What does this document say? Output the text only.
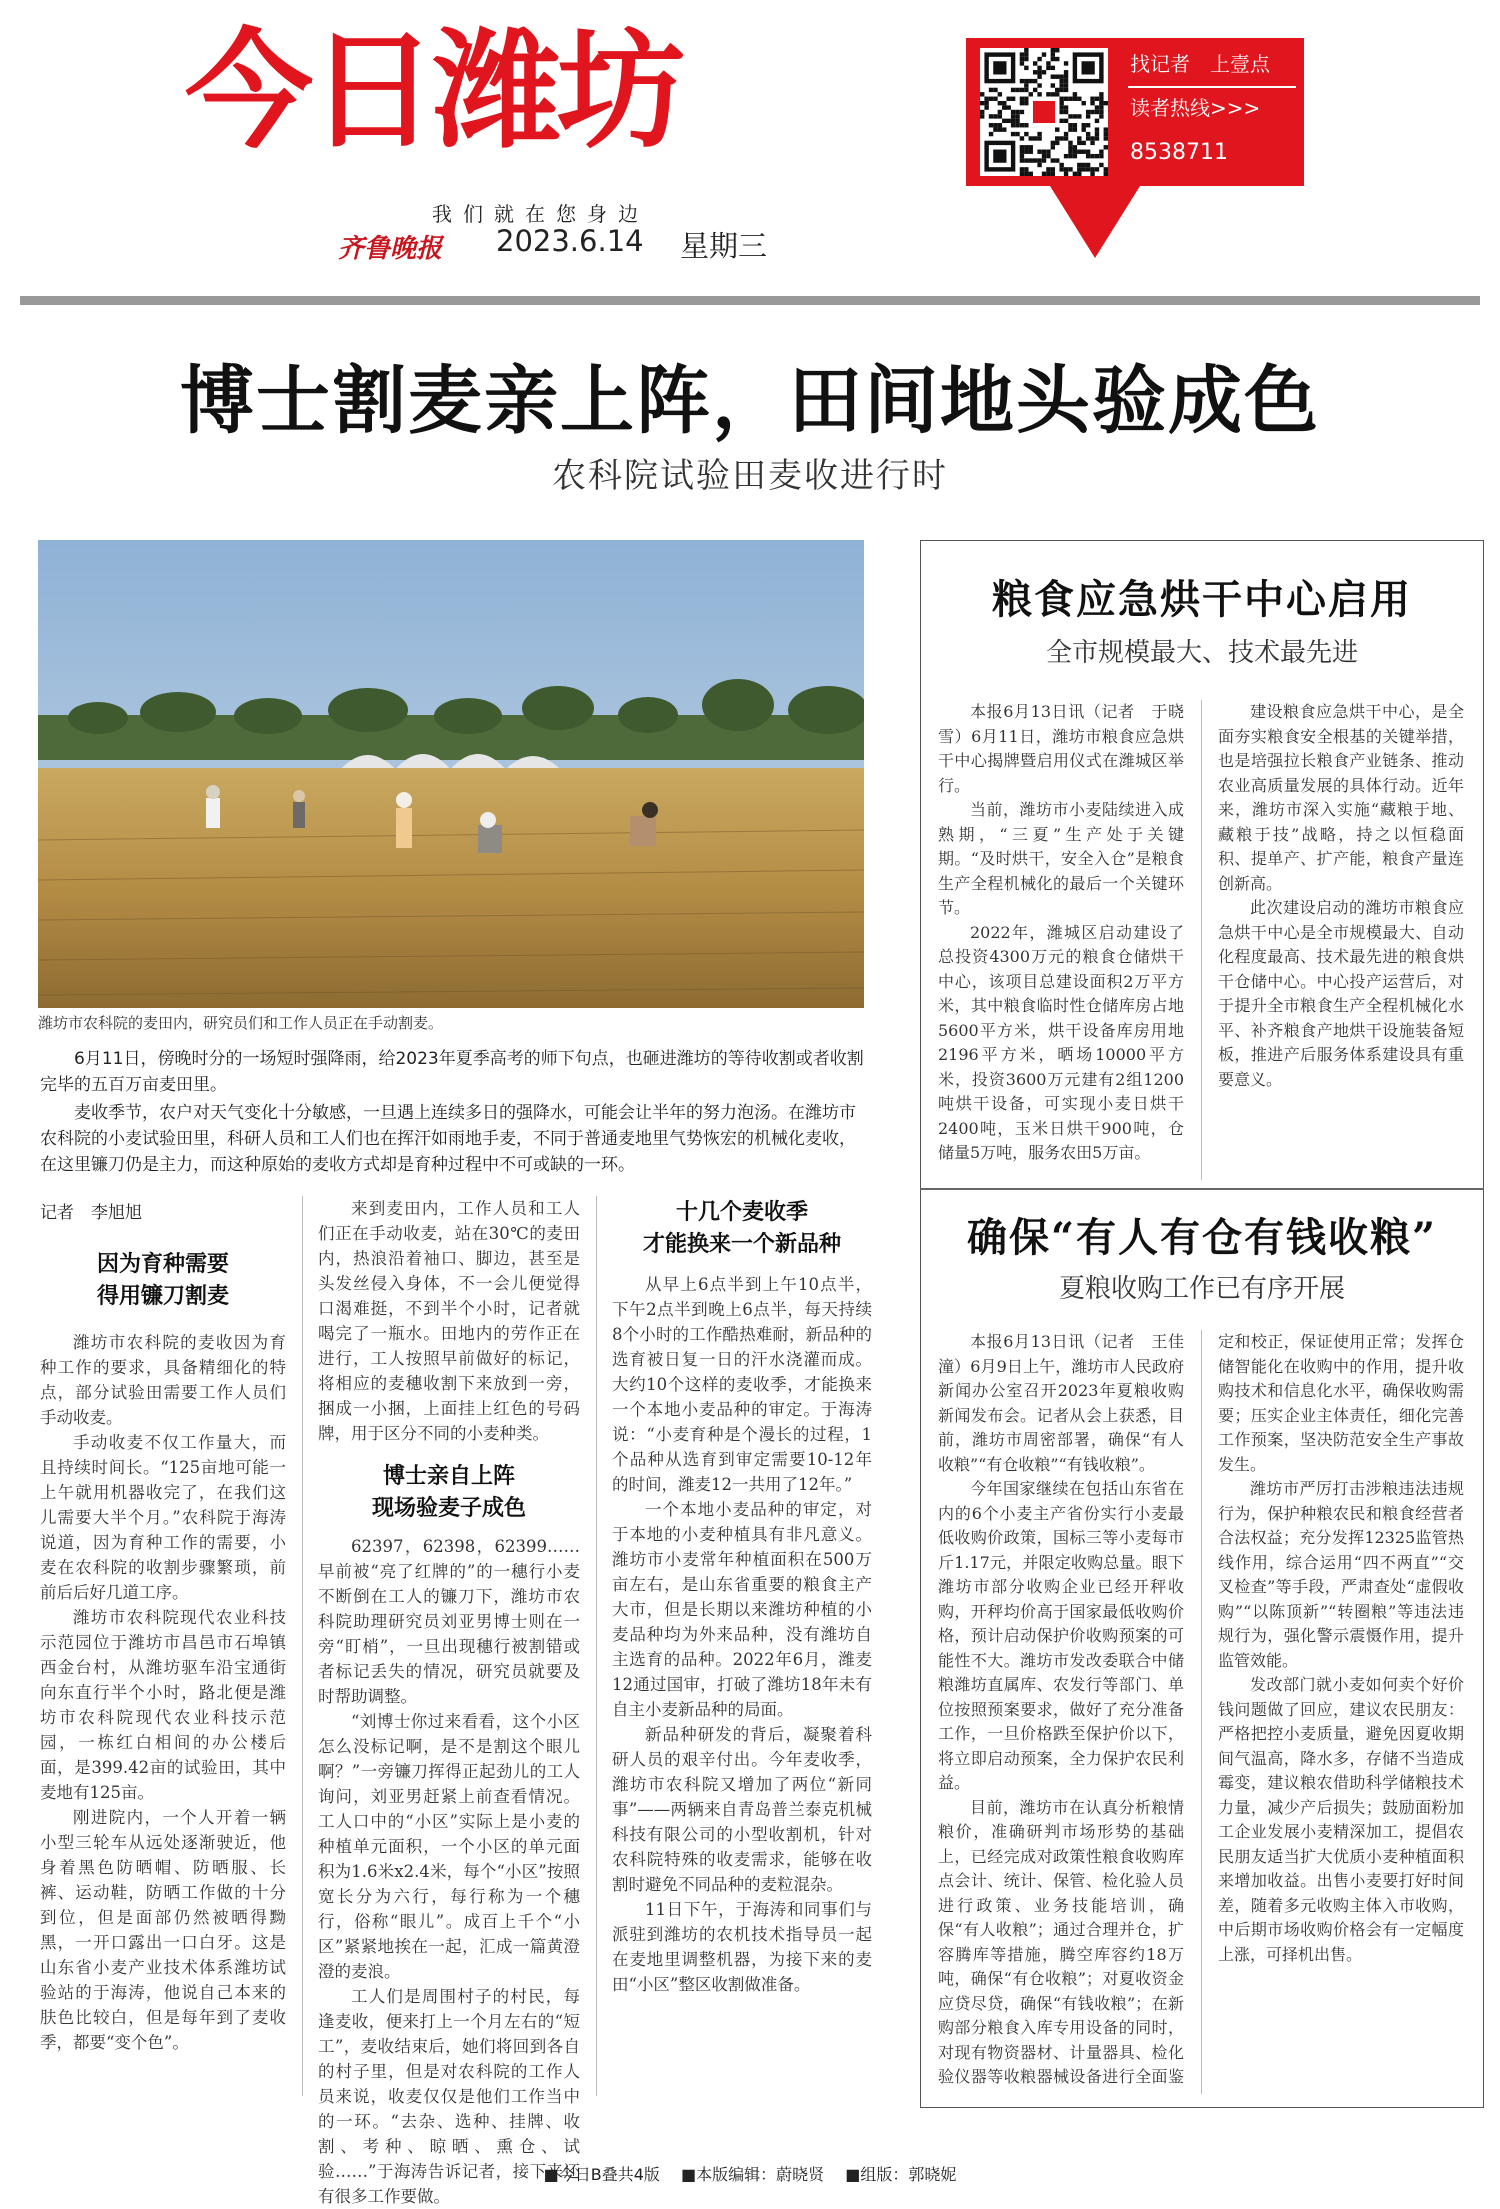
今日潍坊
我们就在您身边
齐鲁晚报 2023.6.14 星期三
找记者　上壹点
读者热线>>>
8538711
博士割麦亲上阵，田间地头验成色
农科院试验田麦收进行时
潍坊市农科院的麦田内，研究员们和工作人员正在手动割麦。
6月11日，傍晚时分的一场短时强降雨，给2023年夏季高考的师下句点，也砸进潍坊的等待收割或者收割完毕的五百万亩麦田里。
麦收季节，农户对天气变化十分敏感，一旦遇上连续多日的强降水，可能会让半年的努力泡汤。在潍坊市农科院的小麦试验田里，科研人员和工人们也在挥汗如雨地手麦，不同于普通麦地里气势恢宏的机械化麦收，在这里镰刀仍是主力，而这种原始的麦收方式却是育种过程中不可或缺的一环。
记者　李旭旭
因为育种需要
得用镰刀割麦

潍坊市农科院的麦收因为育种工作的要求，具备精细化的特点，部分试验田需要工作人员们手动收麦。

手动收麦不仅工作量大，而且持续时间长。“125亩地可能一上午就用机器收完了，在我们这儿需要大半个月。”农科院于海涛说道，因为育种工作的需要，小麦在农科院的收割步骤繁琐，前前后后好几道工序。

潍坊市农科院现代农业科技示范园位于潍坊市昌邑市石埠镇西金台村，从潍坊驱车沿宝通街向东直行半个小时，路北便是潍坊市农科院现代农业科技示范园，一栋红白相间的办公楼后面，是399.42亩的试验田，其中麦地有125亩。

刚进院内，一个人开着一辆小型三轮车从远处逐渐驶近，他身着黑色防晒帽、防晒服、长裤、运动鞋，防晒工作做的十分到位，但是面部仍然被晒得黝黑，一开口露出一口白牙。这是山东省小麦产业技术体系潍坊试验站的于海涛，他说自己本来的肤色比较白，但是每年到了麦收季，都要“变个色”。

来到麦田内，工作人员和工人们正在手动收麦，站在30℃的麦田内，热浪沿着袖口、脚边，甚至是头发丝侵入身体，不一会儿便觉得口渴难挺，不到半个小时，记者就喝完了一瓶水。田地内的劳作正在进行，工人按照早前做好的标记，将相应的麦穗收割下来放到一旁，捆成一小捆，上面挂上红色的号码牌，用于区分不同的小麦种类。

博士亲自上阵
现场验麦子成色

62397，62398，62399……早前被“亮了红牌的”的一穗行小麦不断倒在工人的镰刀下，潍坊市农科院助理研究员刘亚男博士则在一旁“盯梢”，一旦出现穗行被割错或者标记丢失的情况，研究员就要及时帮助调整。

“刘博士你过来看看，这个小区怎么没标记啊，是不是割这个眼儿啊？”一旁镰刀挥得正起劲儿的工人询问，刘亚男赶紧上前查看情况。工人口中的“小区”实际上是小麦的种植单元面积，一个小区的单元面积为1.6米x2.4米，每个“小区”按照宽长分为六行，每行称为一个穗行，俗称“眼儿”。成百上千个“小区”紧紧地挨在一起，汇成一篇黄澄澄的麦浪。

工人们是周围村子的村民，每逢麦收，便来打上一个月左右的“短工”，麦收结束后，她们将回到各自的村子里，但是对农科院的工作人员来说，收麦仅仅是他们工作当中的一环。“去杂、选种、挂牌、收割、考种、晾晒、熏仓、试验……”于海涛告诉记者，接下来还有很多工作要做。

十几个麦收季
才能换来一个新品种

从早上6点半到上午10点半，下午2点半到晚上6点半，每天持续8个小时的工作酷热难耐，新品种的选育被日复一日的汗水浇灌而成。大约10个这样的麦收季，才能换来一个本地小麦品种的审定。于海涛说：“小麦育种是个漫长的过程，1个品种从选育到审定需要10-12年的时间，潍麦12一共用了12年。”

一个本地小麦品种的审定，对于本地的小麦种植具有非凡意义。潍坊市小麦常年种植面积在500万亩左右，是山东省重要的粮食主产大市，但是长期以来潍坊种植的小麦品种均为外来品种，没有潍坊自主选育的品种。2022年6月，潍麦12通过国审，打破了潍坊18年未有自主小麦新品种的局面。

新品种研发的背后，凝聚着科研人员的艰辛付出。今年麦收季，潍坊市农科院又增加了两位“新同事”——两辆来自青岛普兰泰克机械科技有限公司的小型收割机，针对农科院特殊的收麦需求，能够在收割时避免不同品种的麦粒混杂。

11日下午，于海涛和同事们与派驻到潍坊的农机技术指导员一起在麦地里调整机器，为接下来的麦田“小区”整区收割做准备。

粮食应急烘干中心启用
全市规模最大、技术最先进

本报6月13日讯（记者　于晓雪）6月11日，潍坊市粮食应急烘干中心揭牌暨启用仪式在潍城区举行。

当前，潍坊市小麦陆续进入成熟期，“三夏”生产处于关键期。“及时烘干，安全入仓”是粮食生产全程机械化的最后一个关键环节。

2022年，潍城区启动建设了总投资4300万元的粮食仓储烘干中心，该项目总建设面积2万平方米，其中粮食临时性仓储库房占地5600平方米，烘干设备库房用地2196平方米，晒场10000平方米，投资3600万元建有2组1200吨烘干设备，可实现小麦日烘干2400吨，玉米日烘干900吨，仓储量5万吨，服务农田5万亩。

建设粮食应急烘干中心，是全面夯实粮食安全根基的关键举措，也是培强拉长粮食产业链条、推动农业高质量发展的具体行动。近年来，潍坊市深入实施“藏粮于地、藏粮于技”战略，持之以恒稳面积、提单产、扩产能，粮食产量连创新高。

此次建设启动的潍坊市粮食应急烘干中心是全市规模最大、自动化程度最高、技术最先进的粮食烘干仓储中心。中心投产运营后，对于提升全市粮食生产全程机械化水平、补齐粮食产地烘干设施装备短板，推进产后服务体系建设具有重要意义。

确保“有人有仓有钱收粮”
夏粮收购工作已有序开展

本报6月13日讯（记者　王佳潼）6月9日上午，潍坊市人民政府新闻办公室召开2023年夏粮收购新闻发布会。记者从会上获悉，目前，潍坊市周密部署，确保“有人收粮”“有仓收粮”“有钱收粮”。

今年国家继续在包括山东省在内的6个小麦主产省份实行小麦最低收购价政策，国标三等小麦每市斤1.17元，并限定收购总量。眼下潍坊市部分收购企业已经开秤收购，开秤均价高于国家最低收购价格，预计启动保护价收购预案的可能性不大。潍坊市发改委联合中储粮潍坊直属库、农发行等部门、单位按照预案要求，做好了充分准备工作，一旦价格跌至保护价以下，将立即启动预案，全力保护农民利益。

目前，潍坊市在认真分析粮情粮价，准确研判市场形势的基础上，已经完成对政策性粮食收购库点会计、统计、保管、检化验人员进行政策、业务技能培训，确保“有人收粮”；通过合理并仓，扩容腾库等措施，腾空库容约18万吨，确保“有仓收粮”；对夏收资金应贷尽贷，确保“有钱收粮”；在新购部分粮食入库专用设备的同时，对现有物资器材、计量器具、检化验仪器等收粮器械设备进行全面鉴定和校正，保证使用正常；发挥仓储智能化在收购中的作用，提升收购技术和信息化水平，确保收购需要；压实企业主体责任，细化完善工作预案，坚决防范安全生产事故发生。

潍坊市严厉打击涉粮违法违规行为，保护种粮农民和粮食经营者合法权益；充分发挥12325监管热线作用，综合运用“四不两直”“交叉检查”等手段，严肃查处“虚假收购”“以陈顶新”“转圈粮”等违法违规行为，强化警示震慑作用，提升监管效能。

发改部门就小麦如何卖个好价钱问题做了回应，建议农民朋友：严格把控小麦质量，避免因夏收期间气温高，降水多，存储不当造成霉变，建议粮农借助科学储粮技术力量，减少产后损失；鼓励面粉加工企业发展小麦精深加工，提倡农民朋友适当扩大优质小麦种植面积来增加收益。出售小麦要打好时间差，随着多元收购主体入市收购，中后期市场收购价格会有一定幅度上涨，可择机出售。

■今日B叠共4版 ■本版编辑：蔚晓贤 ■组版：郭晓妮
